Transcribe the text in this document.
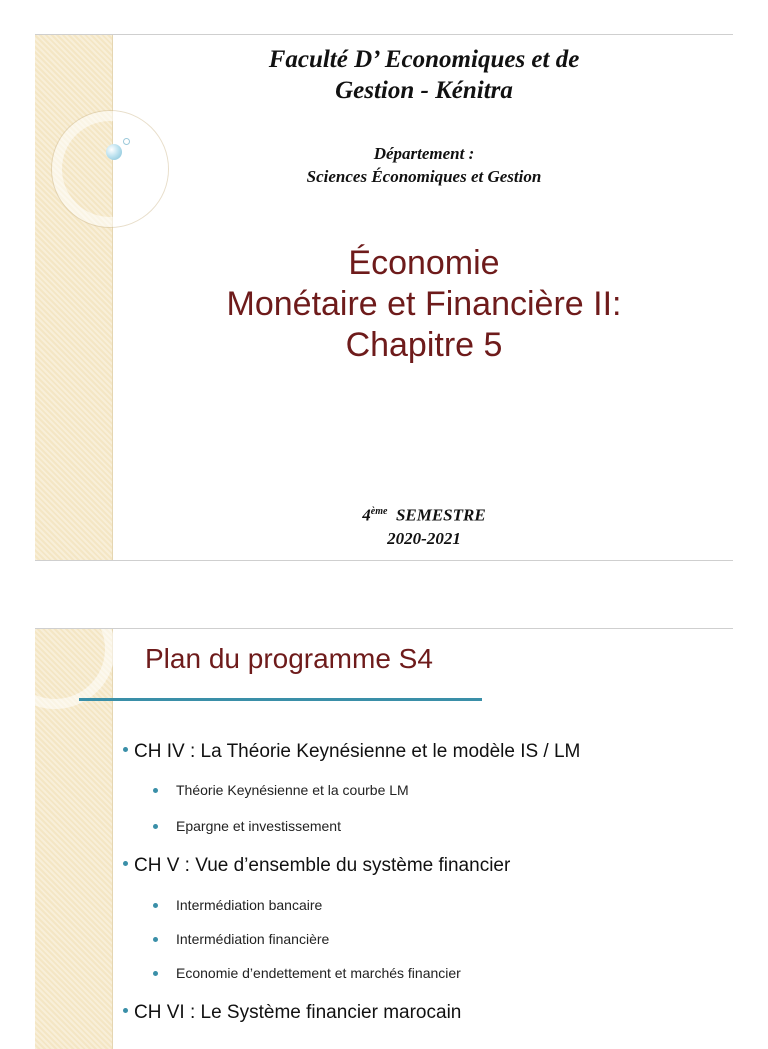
Faculté D’ Economiques et de
Gestion - Kénitra
Département :
Sciences Économiques et Gestion
Économie
Monétaire et Financière II:
Chapitre 5
4ème SEMESTRE
2020-2021
Plan du programme S4
CH IV : La Théorie Keynésienne et le modèle IS / LM
Théorie Keynésienne et la courbe LM
Epargne et investissement
CH V : Vue d’ensemble du système financier
Intermédiation bancaire
Intermédiation financière
Economie d’endettement et marchés financier
CH VI : Le Système financier marocain
